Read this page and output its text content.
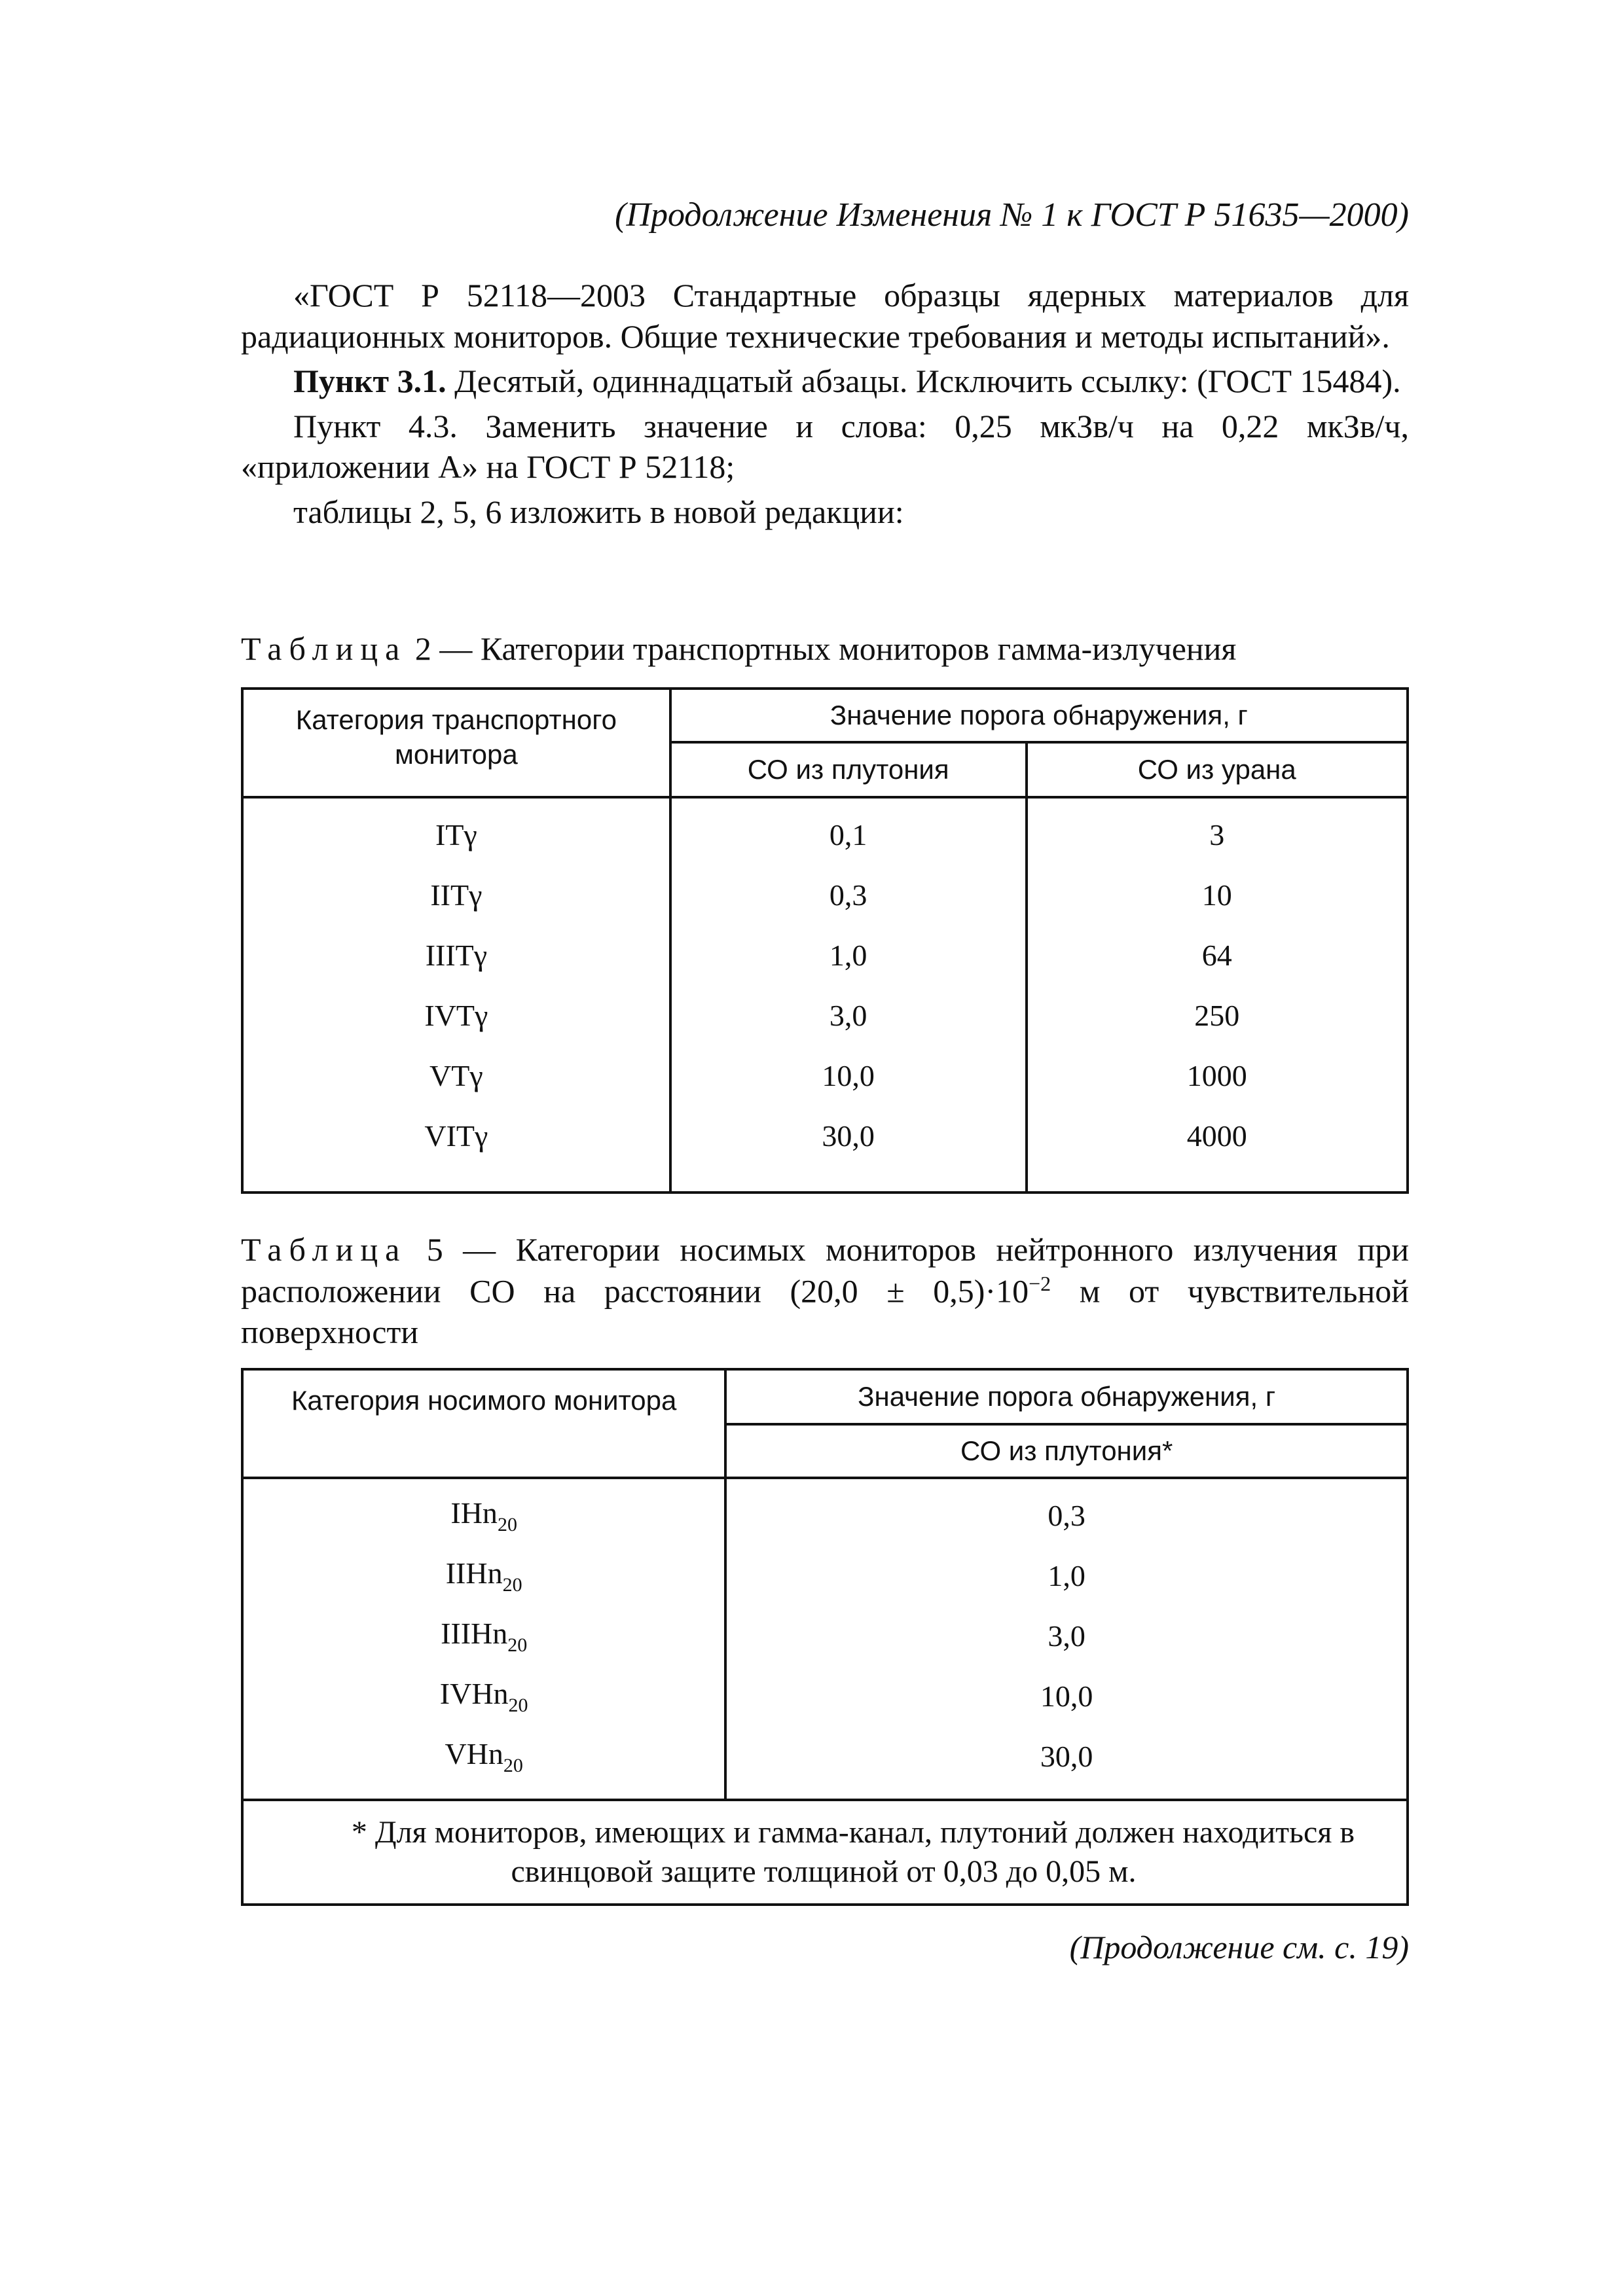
(Продолжение Изменения № 1 к ГОСТ Р 51635—2000)

«ГОСТ Р 52118—2003 Стандартные образцы ядерных материалов для радиационных мониторов. Общие технические требования и методы испытаний».

Пункт 3.1. Десятый, одиннадцатый абзацы. Исключить ссылку: (ГОСТ 15484).

Пункт 4.3. Заменить значение и слова: 0,25 мкЗв/ч на 0,22 мкЗв/ч, «приложении А» на ГОСТ Р 52118;

таблицы 2, 5, 6 изложить в новой редакции:

Таблица 2 — Категории транспортных мониторов гамма-излучения
Категория транспортного монитора	Значение порога обнаружения, г	
	СО из плутония	СО из урана

IТγ	0,1	3
IIТγ	0,3	10
IIIТγ	1,0	64
IVТγ	3,0	250
VТγ	10,0	1000
VIТγ	30,0	4000

Таблица 5 — Категории носимых мониторов нейтронного излучения при расположении СО на расстоянии $(20,0 \pm 0,5)\cdot 10^{-2}$ м от чувствительной поверхности
Категория носимого монитора	Значение порога обнаружения, г
	СО из плутония*

IНn$_{20}$	0,3
IIНn$_{20}$	1,0
IIIНn$_{20}$	3,0
IVНn$_{20}$	10,0
VНn$_{20}$	30,0

* Для мониторов, имеющих и гамма-канал, плутоний должен находиться в свинцовой защите толщиной от 0,03 до 0,05 м.	
(Продолжение см. с. 19)
